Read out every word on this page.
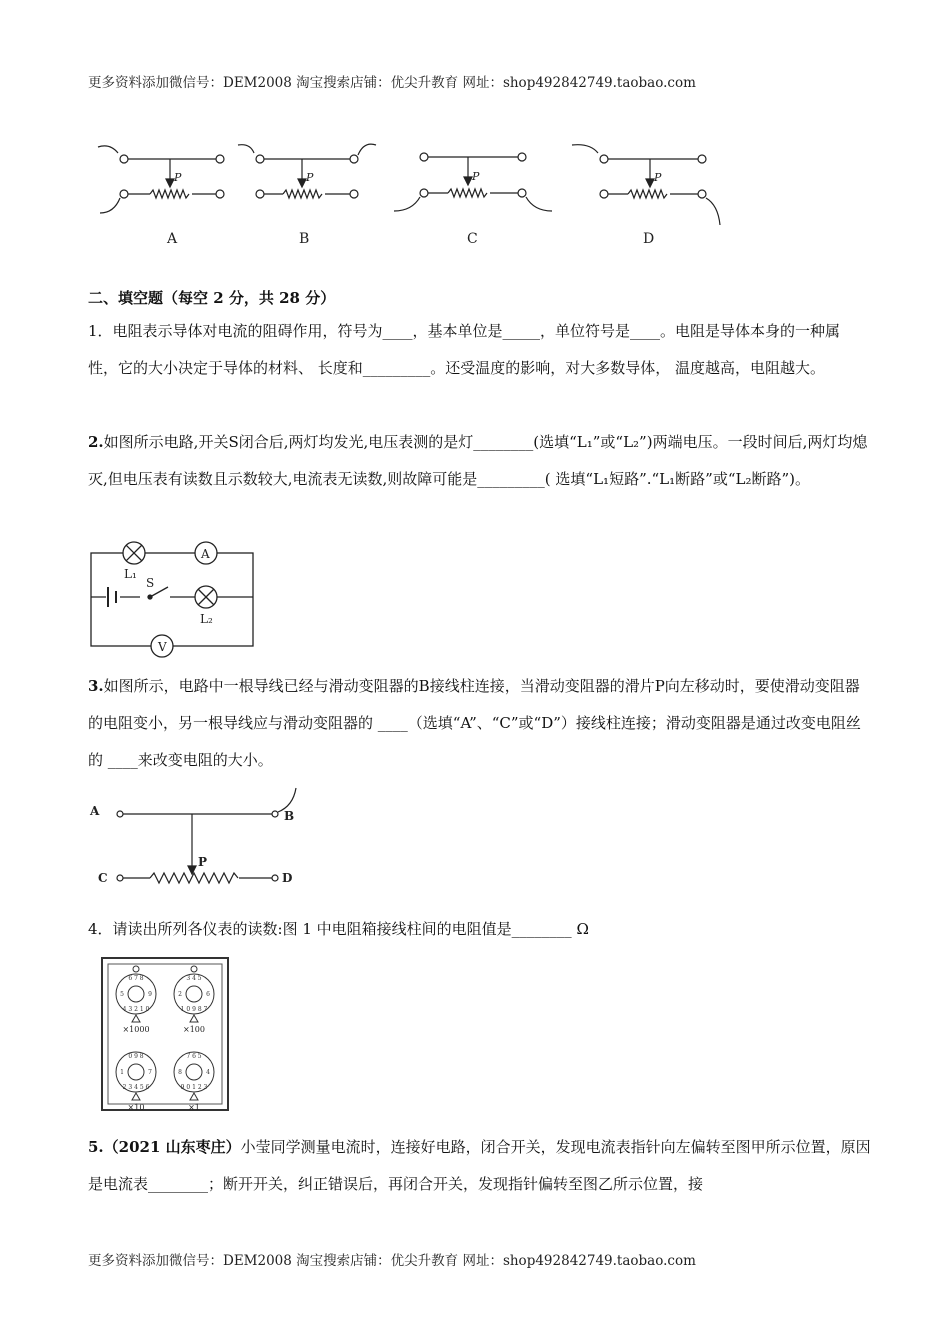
更多资料添加微信号：DEM2008 淘宝搜索店铺：优尖升教育 网址：shop492842749.taobao.com
P	P	P	P
A	B	C	D
二、填空题（每空 2 分，共 28 分）
1．电阻表示导体对电流的阻碍作用，符号为____，基本单位是_____，单位符号是____。电阻是导体本身的一种属性，它的大小决定于导体的材料、 长度和_________。还受温度的影响，对大多数导体， 温度越高，电阻越大。
2.如图所示电路,开关S闭合后,两灯均发光,电压表测的是灯________(选填“L₁”或“L₂”)两端电压。一段时间后,两灯均熄灭,但电压表有读数且示数较大,电流表无读数,则故障可能是_________( 选填“L₁短路”.“L₁断路”或“L₂断路”)。
A
V
L₁
S
L₂
3.如图所示，电路中一根导线已经与滑动变阻器的B接线柱连接，当滑动变阻器的滑片P向左移动时，要使滑动变阻器的电阻变小，另一根导线应与滑动变阻器的 ____（选填“A”、“C”或“D”）接线柱连接；滑动变阻器是通过改变电阻丝的 ____来改变电阻的大小。
A	B
C	D
P
4．请读出所列各仪表的读数:图 1 中电阻箱接线柱间的电阻值是________ Ω
6 7 8
5	9
4 3 2 1 0
3 4 5
2	6
1 0 9 8 7
0 9 8
1	7
2 3 4 5 6
7 6 5
8	4
9 0 1 2 3
×1000	×100
×10	×1
5.（2021 山东枣庄）小莹同学测量电流时，连接好电路，闭合开关，发现电流表指针向左偏转至图甲所示位置，原因是电流表________；断开开关，纠正错误后，再闭合开关，发现指针偏转至图乙所示位置，接
更多资料添加微信号：DEM2008 淘宝搜索店铺：优尖升教育 网址：shop492842749.taobao.com
